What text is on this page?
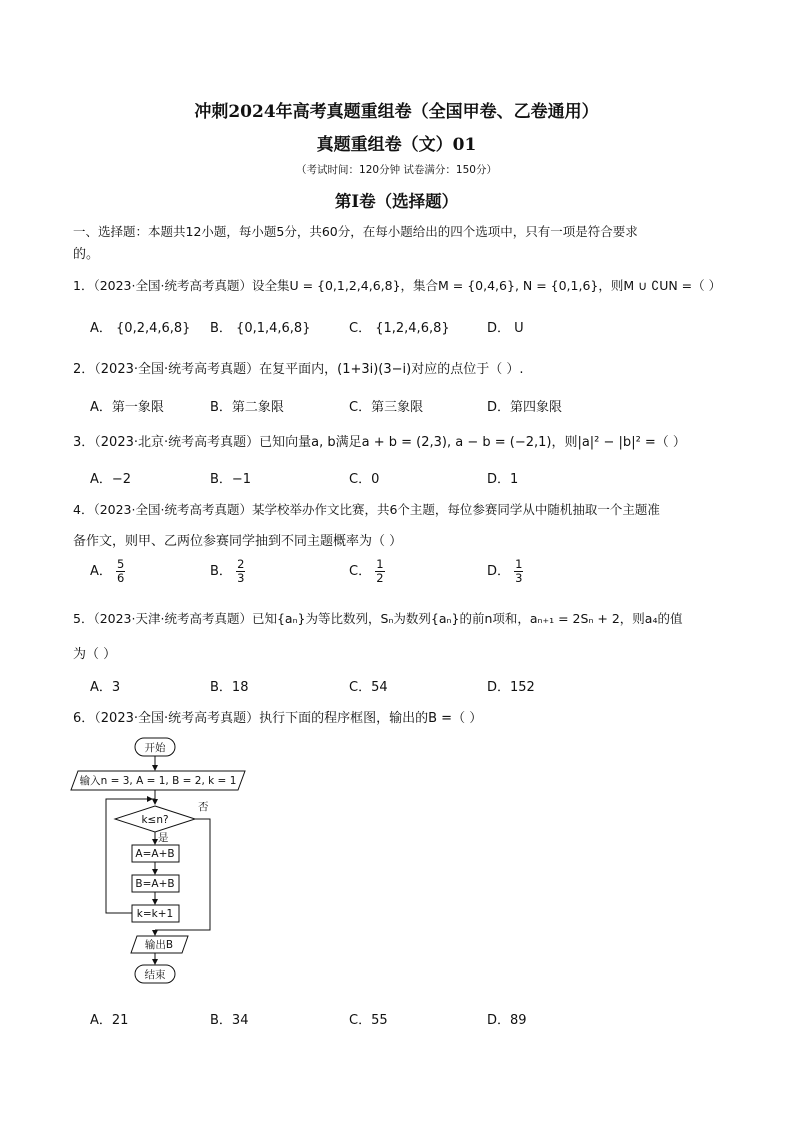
冲刺2024年高考真题重组卷（全国甲卷、乙卷通用）
真题重组卷（文）01
（考试时间：120分钟 试卷满分：150分）
第I卷（选择题）
一、选择题：本题共12小题，每小题5分，共60分，在每小题给出的四个选项中，只有一项是符合要求
的。
1．（2023·全国·统考高考真题）设全集U = {0,1,2,4,6,8}，集合M = {0,4,6}, N = {0,1,6}，则M ∪ ∁UN =（ ）
A． {0,2,4,6,8} B． {0,1,4,6,8}	C． {1,2,4,6,8}	D． U
2．（2023·全国·统考高考真题）在复平面内，(1+3i)(3−i)对应的点位于（ ）.
A．第一象限	B．第二象限	C．第三象限	D．第四象限
3．（2023·北京·统考高考真题）已知向量a, b满足a + b = (2,3), a − b = (−2,1)，则|a|² − |b|² =（ ）
A．−2	B．−1	C．0	D．1
4．（2023·全国·统考高考真题）某学校举办作文比赛，共6个主题，每位参赛同学从中随机抽取一个主题准
备作文，则甲、乙两位参赛同学抽到不同主题概率为（ ）
A． $\frac{5}{6}$	B． $\frac{2}{3}$	C． $\frac{1}{2}$	D． $\frac{1}{3}$
5．（2023·天津·统考高考真题）已知{aₙ}为等比数列，Sₙ为数列{aₙ}的前n项和，aₙ₊₁ = 2Sₙ + 2，则a₄的值
为（ ）
A．3	B．18	C．54	D．152
6．（2023·全国·统考高考真题）执行下面的程序框图，输出的B =（ ）
开始
输入n = 3, A = 1, B = 2, k = 1
k≤n?
是
否
A=A+B
B=A+B
k=k+1
输出B
结束
A．21	B．34	C．55	D．89
